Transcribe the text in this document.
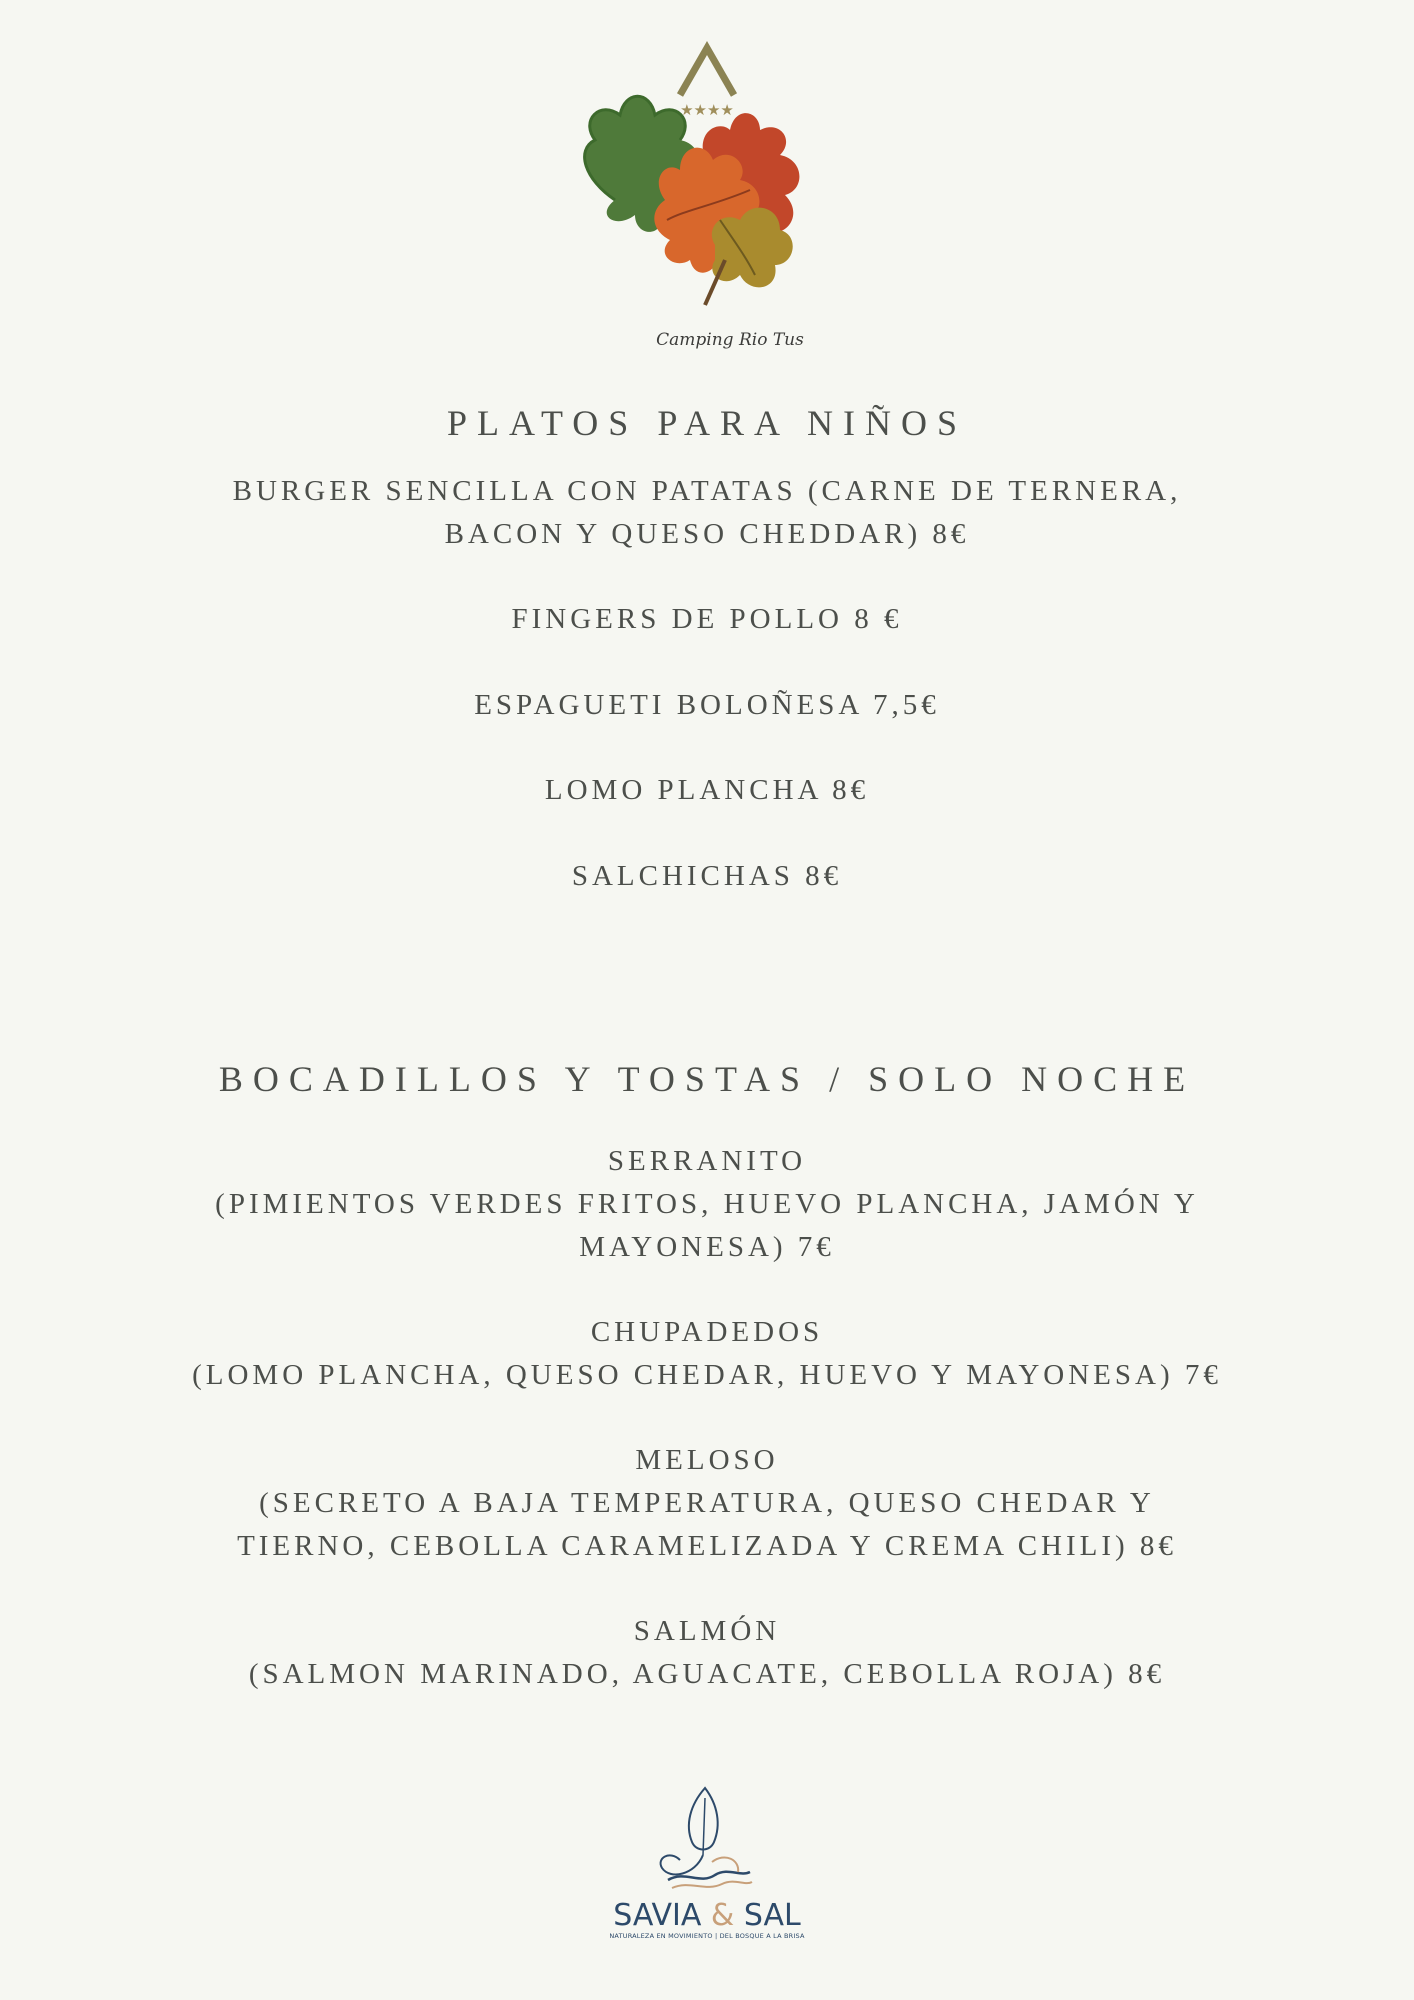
★★★★
Camping Rio Tus
PLATOS PARA NIÑOS
BURGER SENCILLA CON PATATAS (CARNE DE TERNERA,
BACON Y QUESO CHEDDAR) 8€
FINGERS DE POLLO 8 €
ESPAGUETI BOLOÑESA 7,5€
LOMO PLANCHA 8€
SALCHICHAS 8€
BOCADILLOS Y TOSTAS / SOLO NOCHE
SERRANITO
(PIMIENTOS VERDES FRITOS, HUEVO PLANCHA, JAMÓN Y
MAYONESA) 7€
CHUPADEDOS
(LOMO PLANCHA, QUESO CHEDAR, HUEVO Y MAYONESA) 7€
MELOSO
(SECRETO A BAJA TEMPERATURA, QUESO CHEDAR Y
TIERNO, CEBOLLA CARAMELIZADA Y CREMA CHILI) 8€
SALMÓN
(SALMON MARINADO, AGUACATE, CEBOLLA ROJA) 8€
SAVIA & SAL
NATURALEZA EN MOVIMIENTO | DEL BOSQUE A LA BRISA
